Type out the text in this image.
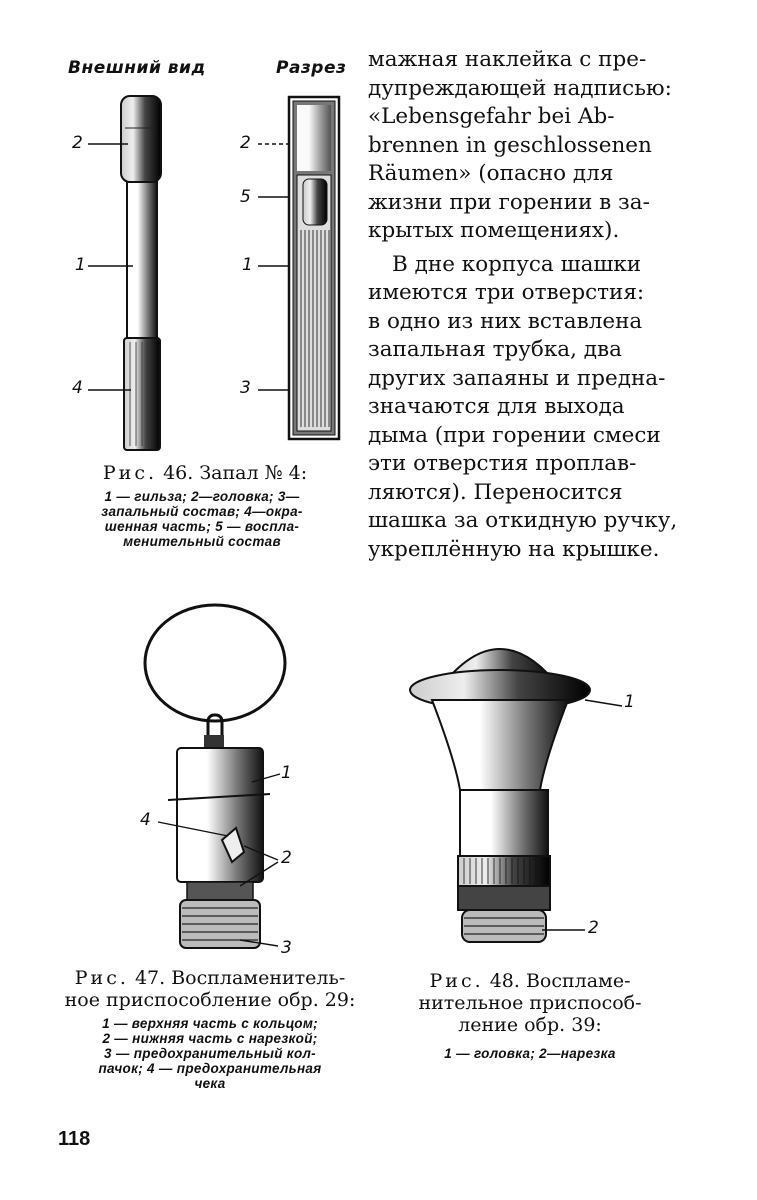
Внешний вид	Разрез
2
1
4
2
5
1
3
Рис. 46. Запал № 4:
1 — гильза; 2—головка; 3—
запальный состав; 4—окра-
шенная часть; 5 — воспла-
менительный состав
мажная наклейка с пре-
дупреждающей надписью:
«Lebensgefahr bei Ab-
brennen in geschlossenen
Räumen» (опасно для
жизни при горении в за-
крытых помещениях).
В дне корпуса шашки
имеются три отверстия:
в одно из них вставлена
запальная трубка, два
других запаяны и предна-
значаются для выхода
дыма (при горении смеси
эти отверстия проплав-
ляются). Переносится
шашка за откидную ручку,
укреплённую на крышке.
1
4
2
3
Рис. 47. Воспламенитель-
ное приспособление обр. 29:
1 — верхняя часть с кольцом;
2 — нижняя часть с нарезкой;
3 — предохранительный кол-
пачок; 4 — предохранительная
чека
1
2
Рис. 48. Воспламе-
нительное приспособ-
ление обр. 39:
1 — головка; 2—нарезка
118
